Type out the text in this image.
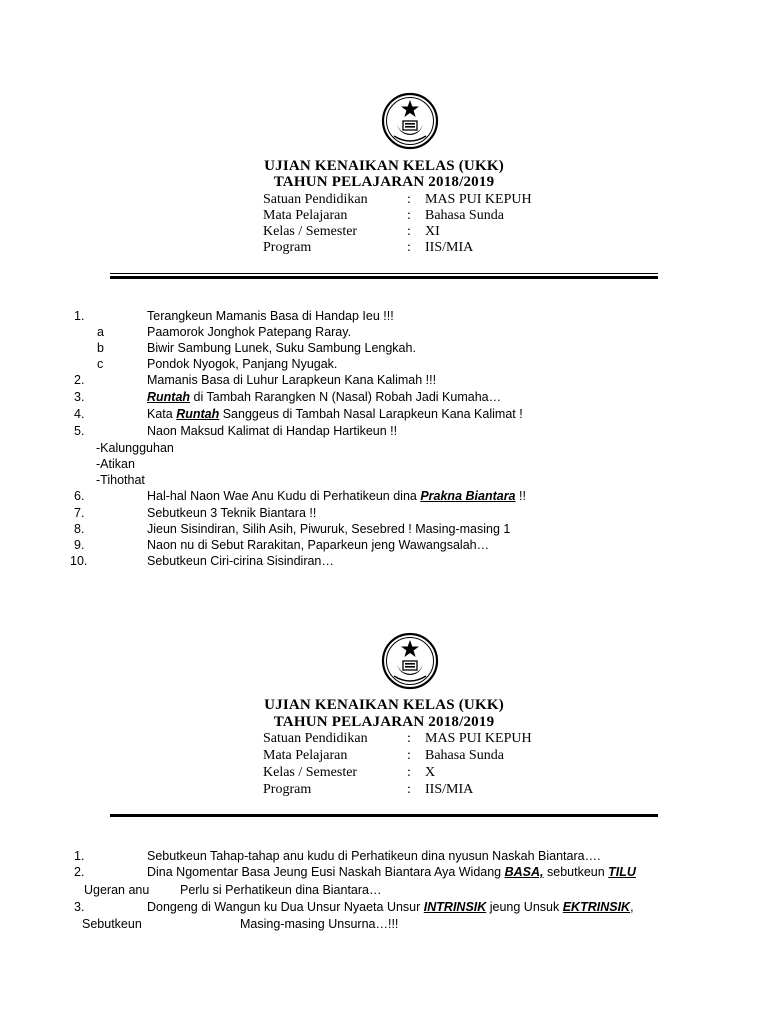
UJIAN KENAIKAN KELAS (UKK)
TAHUN PELAJARAN 2018/2019
Satuan Pendidikan	: MAS PUI KEPUH
Mata Pelajaran	: Bahasa Sunda
Kelas / Semester	: XI
Program	: IIS/MIA
1.	Terangkeun Mamanis Basa di Handap Ieu !!!
a	Paamorok Jonghok Patepang Raray.
b	Biwir Sambung Lunek, Suku Sambung Lengkah.
c	Pondok Nyogok, Panjang Nyugak.
2.	Mamanis Basa di Luhur Larapkeun Kana Kalimah !!!
3.	Runtah di Tambah Rarangken N (Nasal) Robah Jadi Kumaha…
4.	Kata Runtah Sanggeus di Tambah Nasal Larapkeun Kana Kalimat !
5.	Naon Maksud Kalimat di Handap Hartikeun !!
-Kalungguhan
-Atikan
-Tihothat
6.	Hal-hal Naon Wae Anu Kudu di Perhatikeun dina Prakna Biantara !!
7.	Sebutkeun 3 Teknik Biantara !!
8.	Jieun Sisindiran, Silih Asih, Piwuruk, Sesebred ! Masing-masing 1
9.	Naon nu di Sebut Rarakitan, Paparkeun jeng Wawangsalah…
10.	Sebutkeun Ciri-cirina Sisindiran…
UJIAN KENAIKAN KELAS (UKK)
TAHUN PELAJARAN 2018/2019
Satuan Pendidikan	: MAS PUI KEPUH
Mata Pelajaran	: Bahasa Sunda
Kelas / Semester	: X
Program	: IIS/MIA
1.	Sebutkeun Tahap-tahap anu kudu di Perhatikeun dina nyusun Naskah Biantara….
2.	Dina Ngomentar Basa Jeung Eusi Naskah Biantara Aya Widang BASA, sebutkeun TILU
Ugeran anu Perlu si Perhatikeun dina Biantara…
3.	Dongeng di Wangun ku Dua Unsur Nyaeta Unsur INTRINSIK jeung Unsuk EKTRINSIK,
Sebutkeun	Masing-masing Unsurna…!!!
